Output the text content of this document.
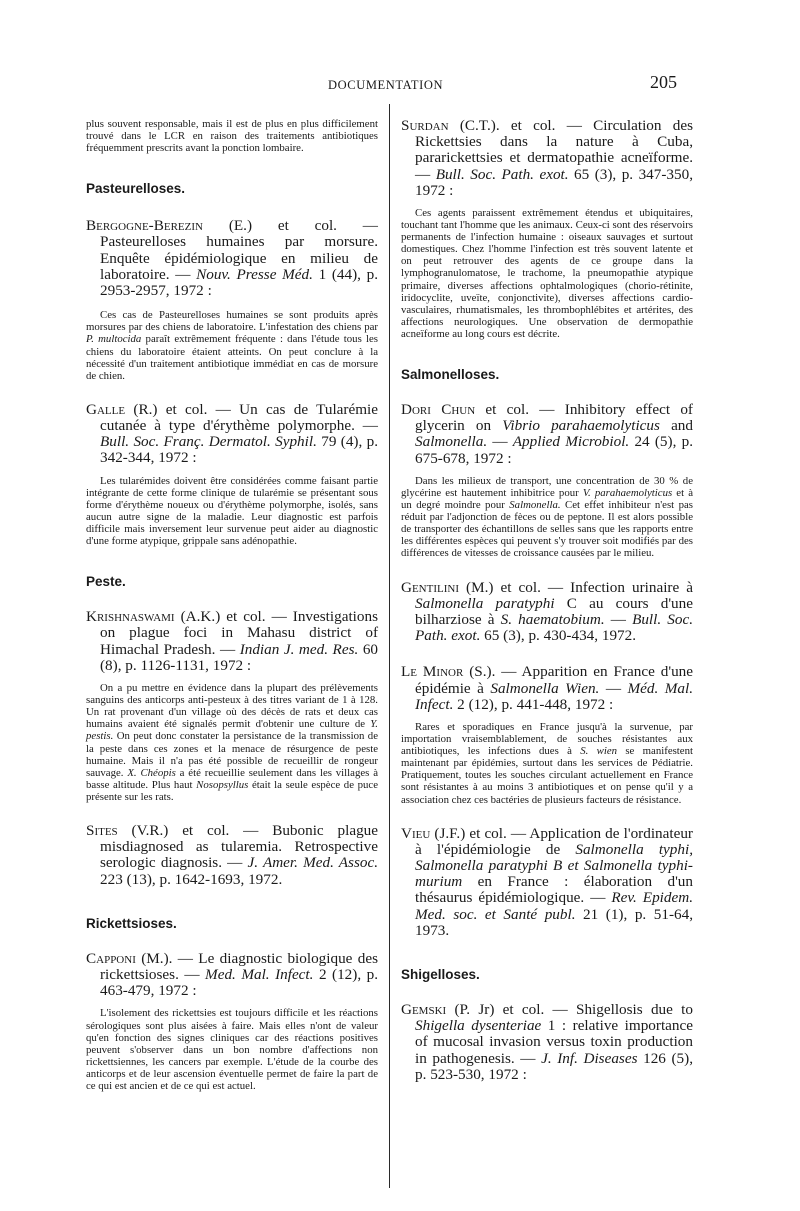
DOCUMENTATION	205

plus souvent responsable, mais il est de plus en plus difficilement trouvé dans le LCR en raison des traitements antibiotiques fréquemment prescrits avant la ponction lombaire.

Pasteurelloses.

Bergogne-Berezin (E.) et col. — Pasteurelloses humaines par morsure. Enquête épidémiologique en milieu de laboratoire. — Nouv. Presse Méd. 1 (44), p. 2953-2957, 1972 :

Ces cas de Pasteurelloses humaines se sont produits après morsures par des chiens de laboratoire. L'infestation des chiens par P. multocida paraît extrêmement fréquente : dans l'étude tous les chiens du laboratoire étaient atteints. On peut conclure à la nécessité d'un traitement antibiotique immédiat en cas de morsure de chien.

Galle (R.) et col. — Un cas de Tularémie cutanée à type d'érythème polymorphe. — Bull. Soc. Franç. Dermatol. Syphil. 79 (4), p. 342-344, 1972 :

Les tularémides doivent être considérées comme faisant partie intégrante de cette forme clinique de tularémie se présentant sous forme d'érythème noueux ou d'érythème polymorphe, isolés, sans aucun autre signe de la maladie. Leur diagnostic est parfois difficile mais inversement leur survenue peut aider au diagnostic d'une forme atypique, grippale sans adénopathie.

Peste.

Krishnaswami (A.K.) et col. — Investigations on plague foci in Mahasu district of Himachal Pradesh. — Indian J. med. Res. 60 (8), p. 1126-1131, 1972 :

On a pu mettre en évidence dans la plupart des prélèvements sanguins des anticorps anti-pesteux à des titres variant de 1 à 128. Un rat provenant d'un village où des décès de rats et deux cas humains avaient été signalés permit d'obtenir une culture de Y. pestis. On peut donc constater la persistance de la transmission de la peste dans ces zones et la menace de résurgence de peste humaine. Mais il n'a pas été possible de recueillir de rongeur sauvage. X. Chéopis a été recueillie seulement dans les villages à basse altitude. Plus haut Nosopsyllus était la seule espèce de puce présente sur les rats.

Sites (V.R.) et col. — Bubonic plague misdiagnosed as tularemia. Retrospective serologic diagnosis. — J. Amer. Med. Assoc. 223 (13), p. 1642-1693, 1972.

Rickettsioses.

Capponi (M.). — Le diagnostic biologique des rickettsioses. — Med. Mal. Infect. 2 (12), p. 463-479, 1972 :

L'isolement des rickettsies est toujours difficile et les réactions sérologiques sont plus aisées à faire. Mais elles n'ont de valeur qu'en fonction des signes cliniques car des réactions positives peuvent s'observer dans un bon nombre d'affections non rickettsiennes, les cancers par exemple. L'étude de la courbe des anticorps et de leur ascension éventuelle permet de faire la part de ce qui est ancien et de ce qui est actuel.

Surdan (C.T.). et col. — Circulation des Rickettsies dans la nature à Cuba, pararickettsies et dermatopathie acneïforme. — Bull. Soc. Path. exot. 65 (3), p. 347-350, 1972 :

Ces agents paraissent extrêmement étendus et ubiquitaires, touchant tant l'homme que les animaux. Ceux-ci sont des réservoirs permanents de l'infection humaine : oiseaux sauvages et surtout domestiques. Chez l'homme l'infection est très souvent latente et on peut retrouver des agents de ce groupe dans la lymphogranulomatose, le trachome, la pneumopathie atypique primaire, diverses affections ophtalmologiques (chorio-rétinite, iridocyclite, uveïte, conjonctivite), diverses affections cardio-vasculaires, rhumatismales, les thrombophlébites et artérites, des affections neurologiques. Une observation de dermopathie acneïforme au long cours est décrite.

Salmonelloses.

Dori Chun et col. — Inhibitory effect of glycerin on Vibrio parahaemolyticus and Salmonella. — Applied Microbiol. 24 (5), p. 675-678, 1972 :

Dans les milieux de transport, une concentration de 30 % de glycérine est hautement inhibitrice pour V. parahaemolyticus et à un degré moindre pour Salmonella. Cet effet inhibiteur n'est pas réduit par l'adjonction de fèces ou de peptone. Il est alors possible de transporter des échantillons de selles sans que les rapports entre les différentes espèces qui peuvent s'y trouver soit modifiés par des différences de vitesses de croissance causées par le milieu.

Gentilini (M.) et col. — Infection urinaire à Salmonella paratyphi C au cours d'une bilharziose à S. haematobium. — Bull. Soc. Path. exot. 65 (3), p. 430-434, 1972.

Le Minor (S.). — Apparition en France d'une épidémie à Salmonella Wien. — Méd. Mal. Infect. 2 (12), p. 441-448, 1972 :

Rares et sporadiques en France jusqu'à la survenue, par importation vraisemblablement, de souches résistantes aux antibiotiques, les infections dues à S. wien se manifestent maintenant par épidémies, surtout dans les services de Pédiatrie. Pratiquement, toutes les souches circulant actuellement en France sont résistantes à au moins 3 antibiotiques et on pense qu'il y a association chez ces bactéries de plusieurs facteurs de résistance.

Vieu (J.F.) et col. — Application de l'ordinateur à l'épidémiologie de Salmonella typhi, Salmonella paratyphi B et Salmonella typhi-murium en France : élaboration d'un thésaurus épidémiologique. — Rev. Epidem. Med. soc. et Santé publ. 21 (1), p. 51-64, 1973.

Shigelloses.

Gemski (P. Jr) et col. — Shigellosis due to Shigella dysenteriae 1 : relative importance of mucosal invasion versus toxin production in pathogenesis. — J. Inf. Diseases 126 (5), p. 523-530, 1972 :
